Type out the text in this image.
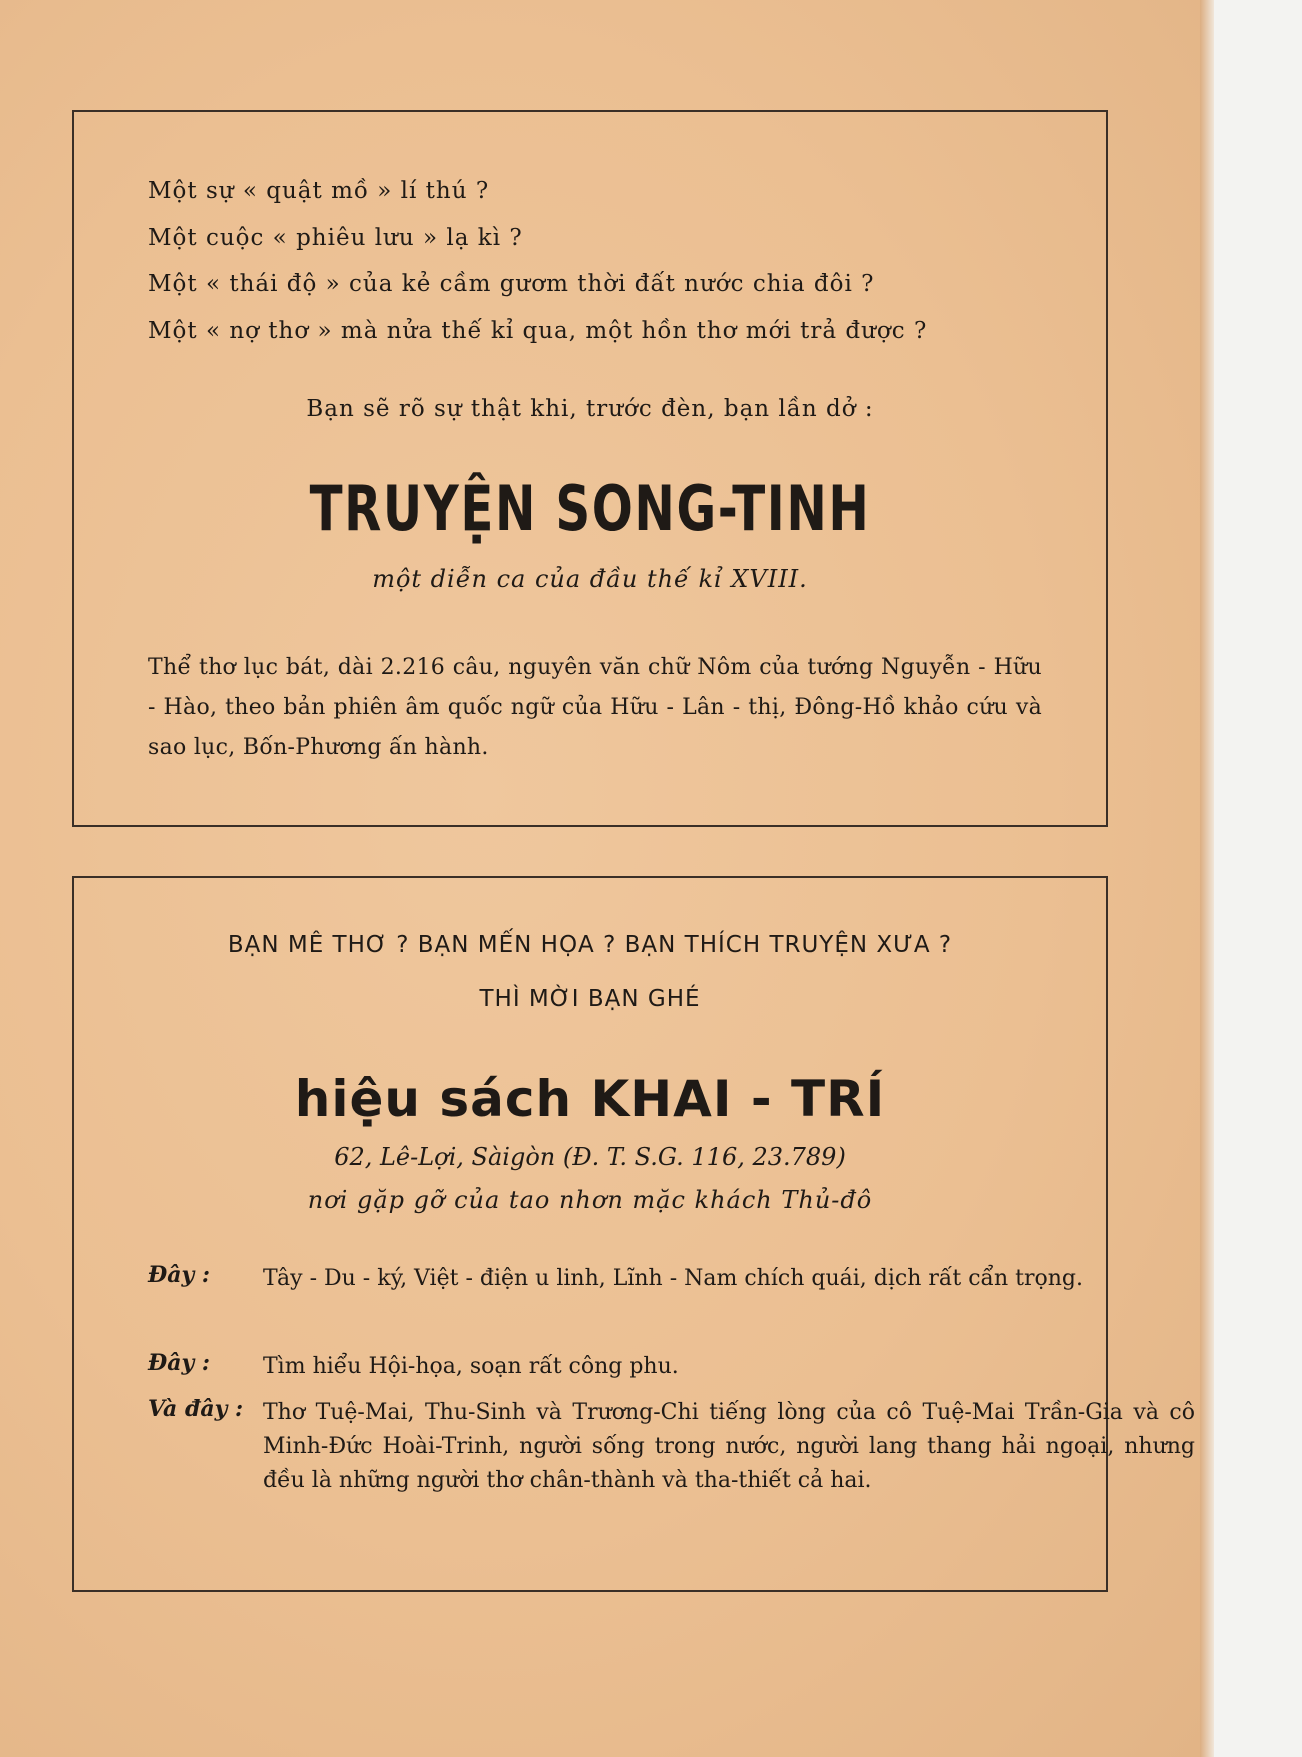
Một sự « quật mồ » lí thú ?
Một cuộc « phiêu lưu » lạ kì ?
Một « thái độ » của kẻ cầm gươm thời đất nước chia đôi ?
Một « nợ thơ » mà nửa thế kỉ qua, một hồn thơ mới trả được ?
Bạn sẽ rõ sự thật khi, trước đèn, bạn lần dở :
TRUYỆN SONG-TINH
một diễn ca của đầu thế kỉ XVIII.
Thể thơ lục bát, dài 2.216 câu, nguyên văn chữ Nôm của tướng Nguyễn - Hữu - Hào, theo bản phiên âm quốc ngữ của Hữu - Lân - thị, Đông-Hồ khảo cứu và sao lục, Bốn-Phương ấn hành.
BẠN MÊ THƠ ? BẠN MẾN HỌA ? BẠN THÍCH TRUYỆN XƯA ?
THÌ MỜI BẠN GHÉ
hiệu sách KHAI - TRÍ
62, Lê-Lợi, Sàigòn (Đ. T. S.G. 116, 23.789)
nơi gặp gỡ của tao nhơn mặc khách Thủ-đô
Đây :	Tây - Du - ký, Việt - điện u linh, Lĩnh - Nam chích quái, dịch rất cẩn trọng.
Đây :	Tìm hiểu Hội-họa, soạn rất công phu.
Và đây : Thơ Tuệ-Mai, Thu-Sinh và Trương-Chi tiếng lòng của cô Tuệ-Mai Trần-Gia và cô Minh-Đức Hoài-Trinh, người sống trong nước, người lang thang hải ngoại, nhưng đều là những người thơ chân-thành và tha-thiết cả hai.
